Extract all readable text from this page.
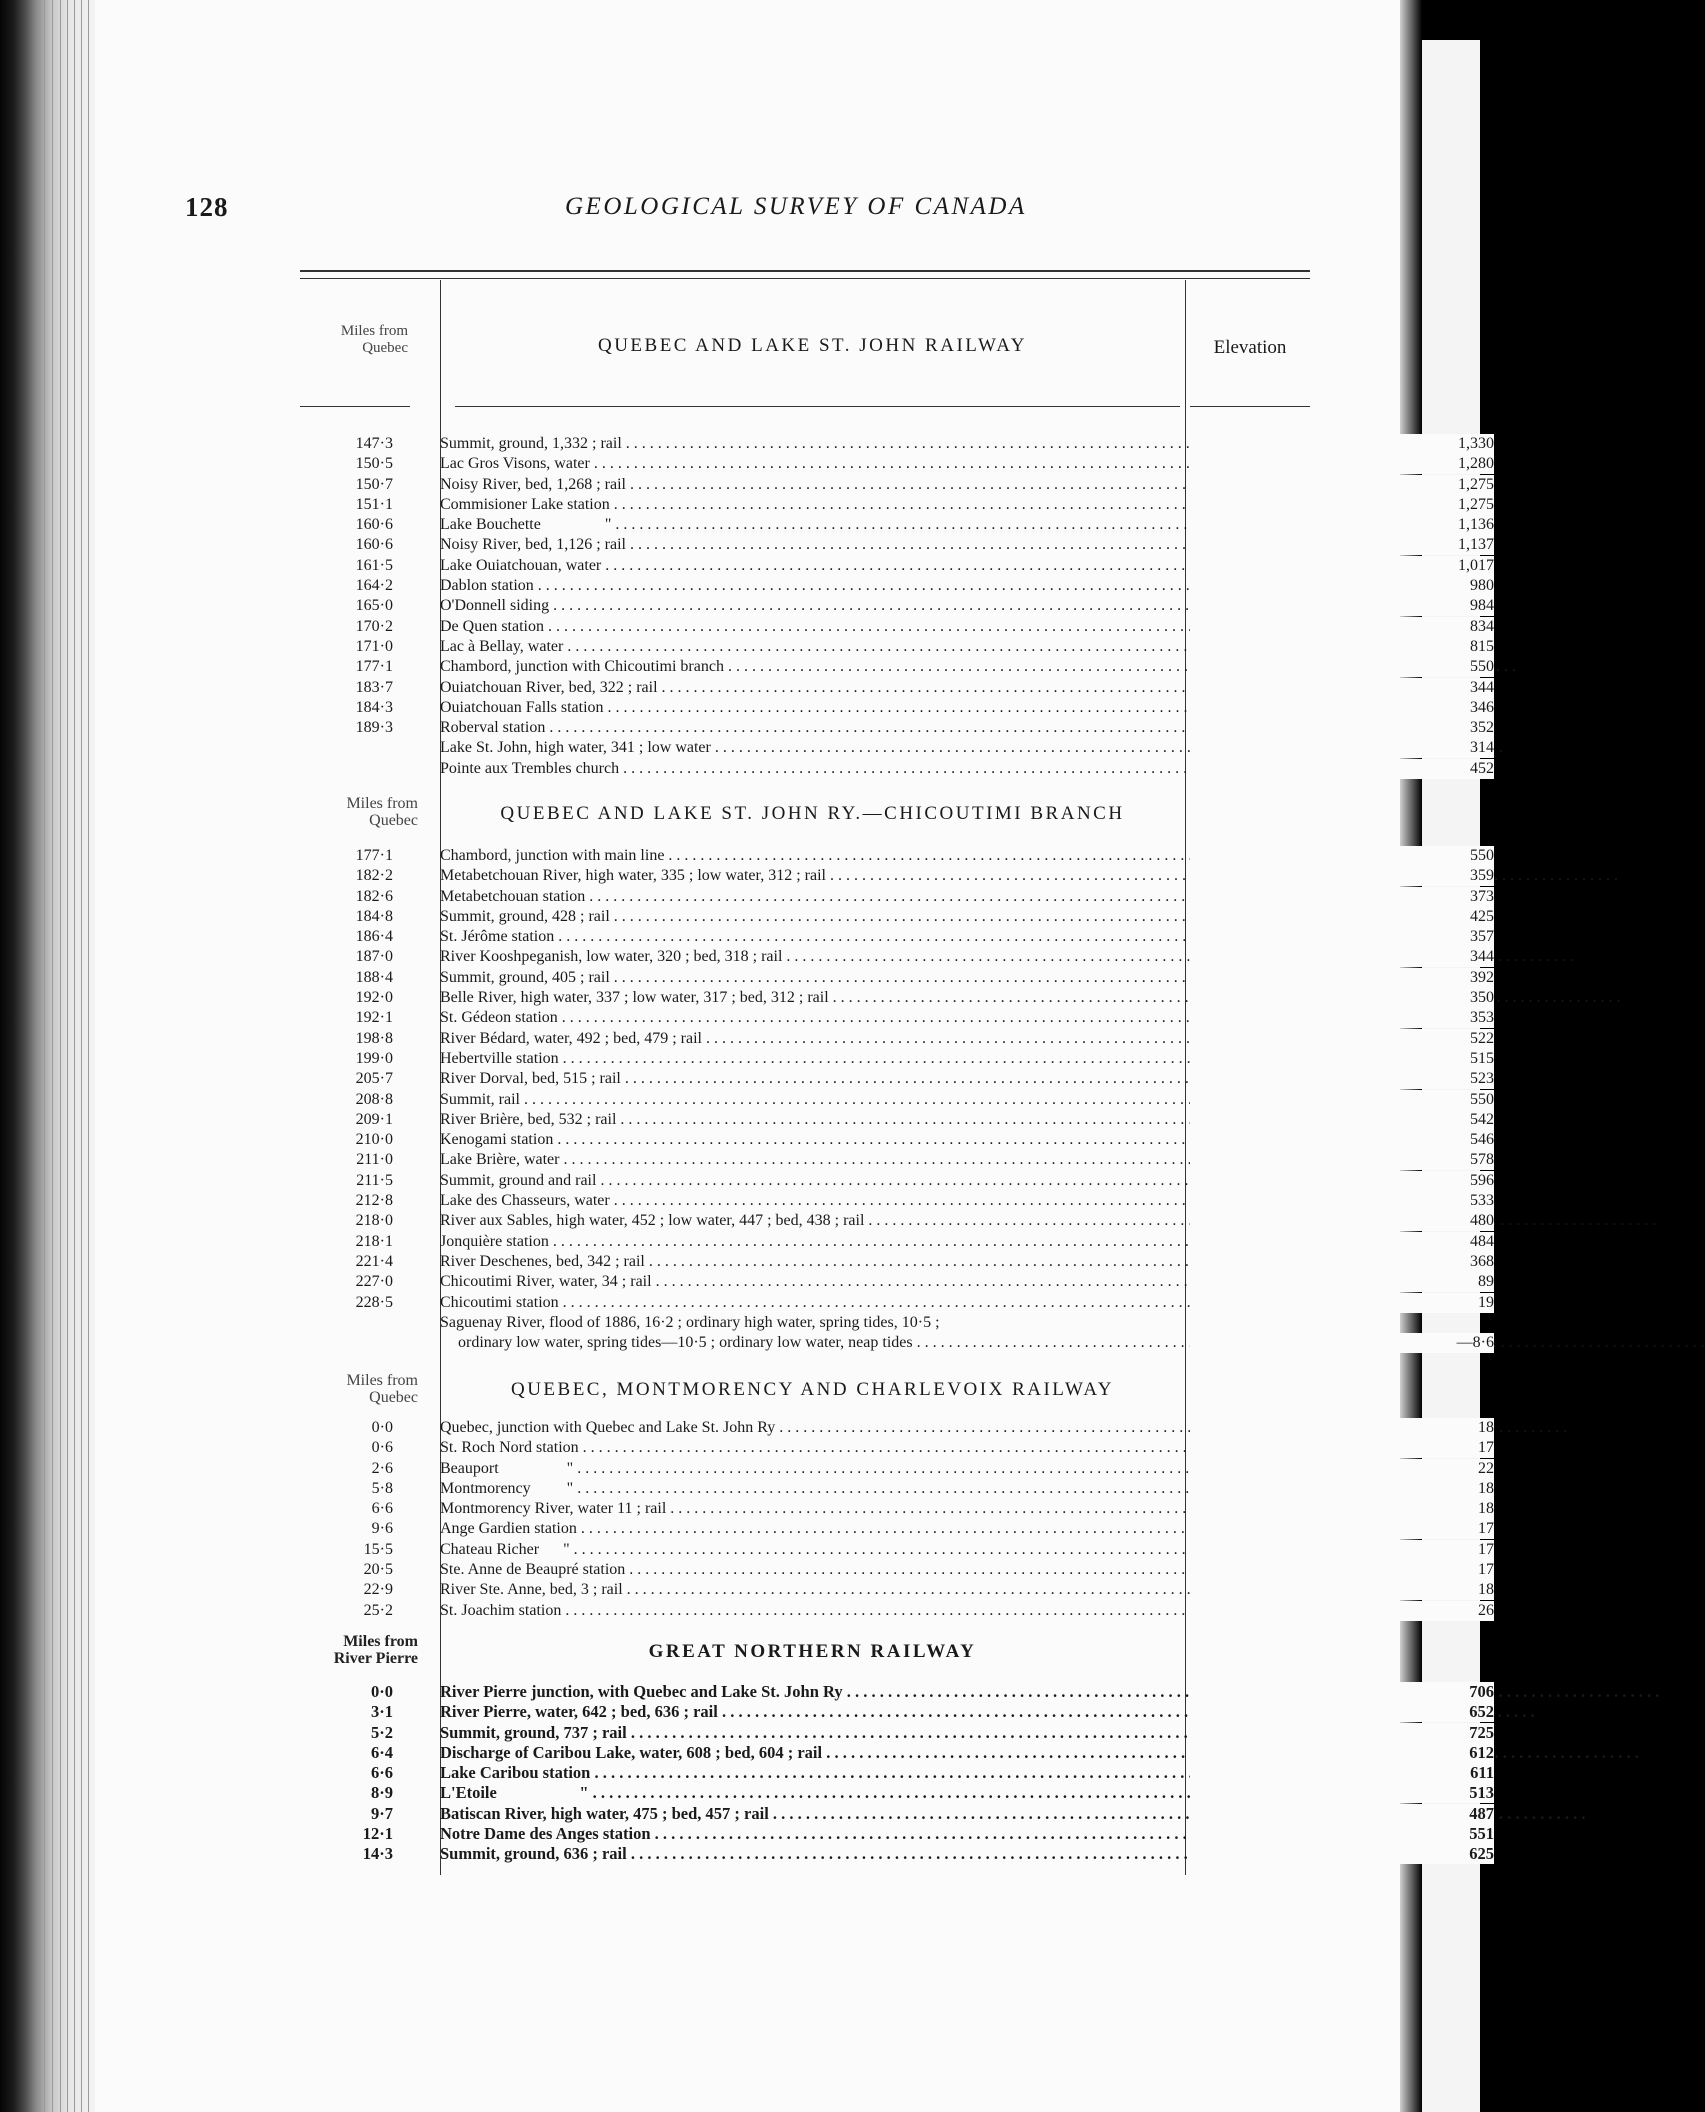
128	GEOLOGICAL SURVEY OF CANADA
Miles from
Quebec	QUEBEC AND LAKE ST. JOHN RAILWAY	Elevation
147·3	Summit, ground, 1,332 ; rail . . .	1,330
150·5	Lac Gros Visons, water . . .	1,280
150·7	Noisy River, bed, 1,268 ; rail . . .	1,275
151·1	Commisioner Lake station . . .	1,275
160·6	Lake Bouchette                " . . .	1,136
160·6	Noisy River, bed, 1,126 ; rail . . .	1,137
161·5	Lake Ouiatchouan, water . . .	1,017
164·2	Dablon station . . .	980
165·0	O'Donnell siding . . .	984
170·2	De Quen station . . .	834
171·0	Lac à Bellay, water . . .	815
177·1	Chambord, junction with Chicoutimi branch . . .	550
183·7	Ouiatchouan River, bed, 322 ; rail . . .	344
184·3	Ouiatchouan Falls station . . .	346
189·3	Roberval station . . .	352
Lake St. John, high water, 341 ; low water . . .	314
Pointe aux Trembles church . . .	452
Miles from
Quebec	QUEBEC AND LAKE ST. JOHN RY.—CHICOUTIMI BRANCH
177·1	Chambord, junction with main line . . .	550
182·2	Metabetchouan River, high water, 335 ; low water, 312 ; rail . . .	359
182·6	Metabetchouan station . . .	373
184·8	Summit, ground, 428 ; rail . . .	425
186·4	St. Jérôme station . . .	357
187·0	River Kooshpeganish, low water, 320 ; bed, 318 ; rail . . .	344
188·4	Summit, ground, 405 ; rail . . .	392
192·0	Belle River, high water, 337 ; low water, 317 ; bed, 312 ; rail . . .	350
192·1	St. Gédeon station . . .	353
198·8	River Bédard, water, 492 ; bed, 479 ; rail . . .	522
199·0	Hebertville station . . .	515
205·7	River Dorval, bed, 515 ; rail . . .	523
208·8	Summit, rail . . .	550
209·1	River Brière, bed, 532 ; rail . . .	542
210·0	Kenogami station . . .	546
211·0	Lake Brière, water . . .	578
211·5	Summit, ground and rail . . .	596
212·8	Lake des Chasseurs, water . . .	533
218·0	River aux Sables, high water, 452 ; low water, 447 ; bed, 438 ; rail . . .	480
218·1	Jonquière station . . .	484
221·4	River Deschenes, bed, 342 ; rail . . .	368
227·0	Chicoutimi River, water, 34 ; rail . . .	89
228·5	Chicoutimi station . . .	19
Saguenay River, flood of 1886, 16·2 ; ordinary high water, spring tides, 10·5 ;
ordinary low water, spring tides—10·5 ; ordinary low water, neap tides . . .	—8·6
Miles from
Quebec	QUEBEC, MONTMORENCY AND CHARLEVOIX RAILWAY
0·0	Quebec, junction with Quebec and Lake St. John Ry . . .	18
0·6	St. Roch Nord station . . .	17
2·6	Beauport                 " . . .	22
5·8	Montmorency         " . . .	18
6·6	Montmorency River, water 11 ; rail . . .	18
9·6	Ange Gardien station . . .	17
15·5	Chateau Richer      " . . .	17
20·5	Ste. Anne de Beaupré station . . .	17
22·9	River Ste. Anne, bed, 3 ; rail . . .	18
25·2	St. Joachim station . . .	26
Miles from
River Pierre	GREAT NORTHERN RAILWAY
0·0	River Pierre junction, with Quebec and Lake St. John Ry . . .	706
3·1	River Pierre, water, 642 ; bed, 636 ; rail . . .	652
5·2	Summit, ground, 737 ; rail . . .	725
6·4	Discharge of Caribou Lake, water, 608 ; bed, 604 ; rail . . .	612
6·6	Lake Caribou station . . .	611
8·9	L'Etoile                    " . . .	513
9·7	Batiscan River, high water, 475 ; bed, 457 ; rail . . .	487
12·1	Notre Dame des Anges station . . .	551
14·3	Summit, ground, 636 ; rail . . .	625
